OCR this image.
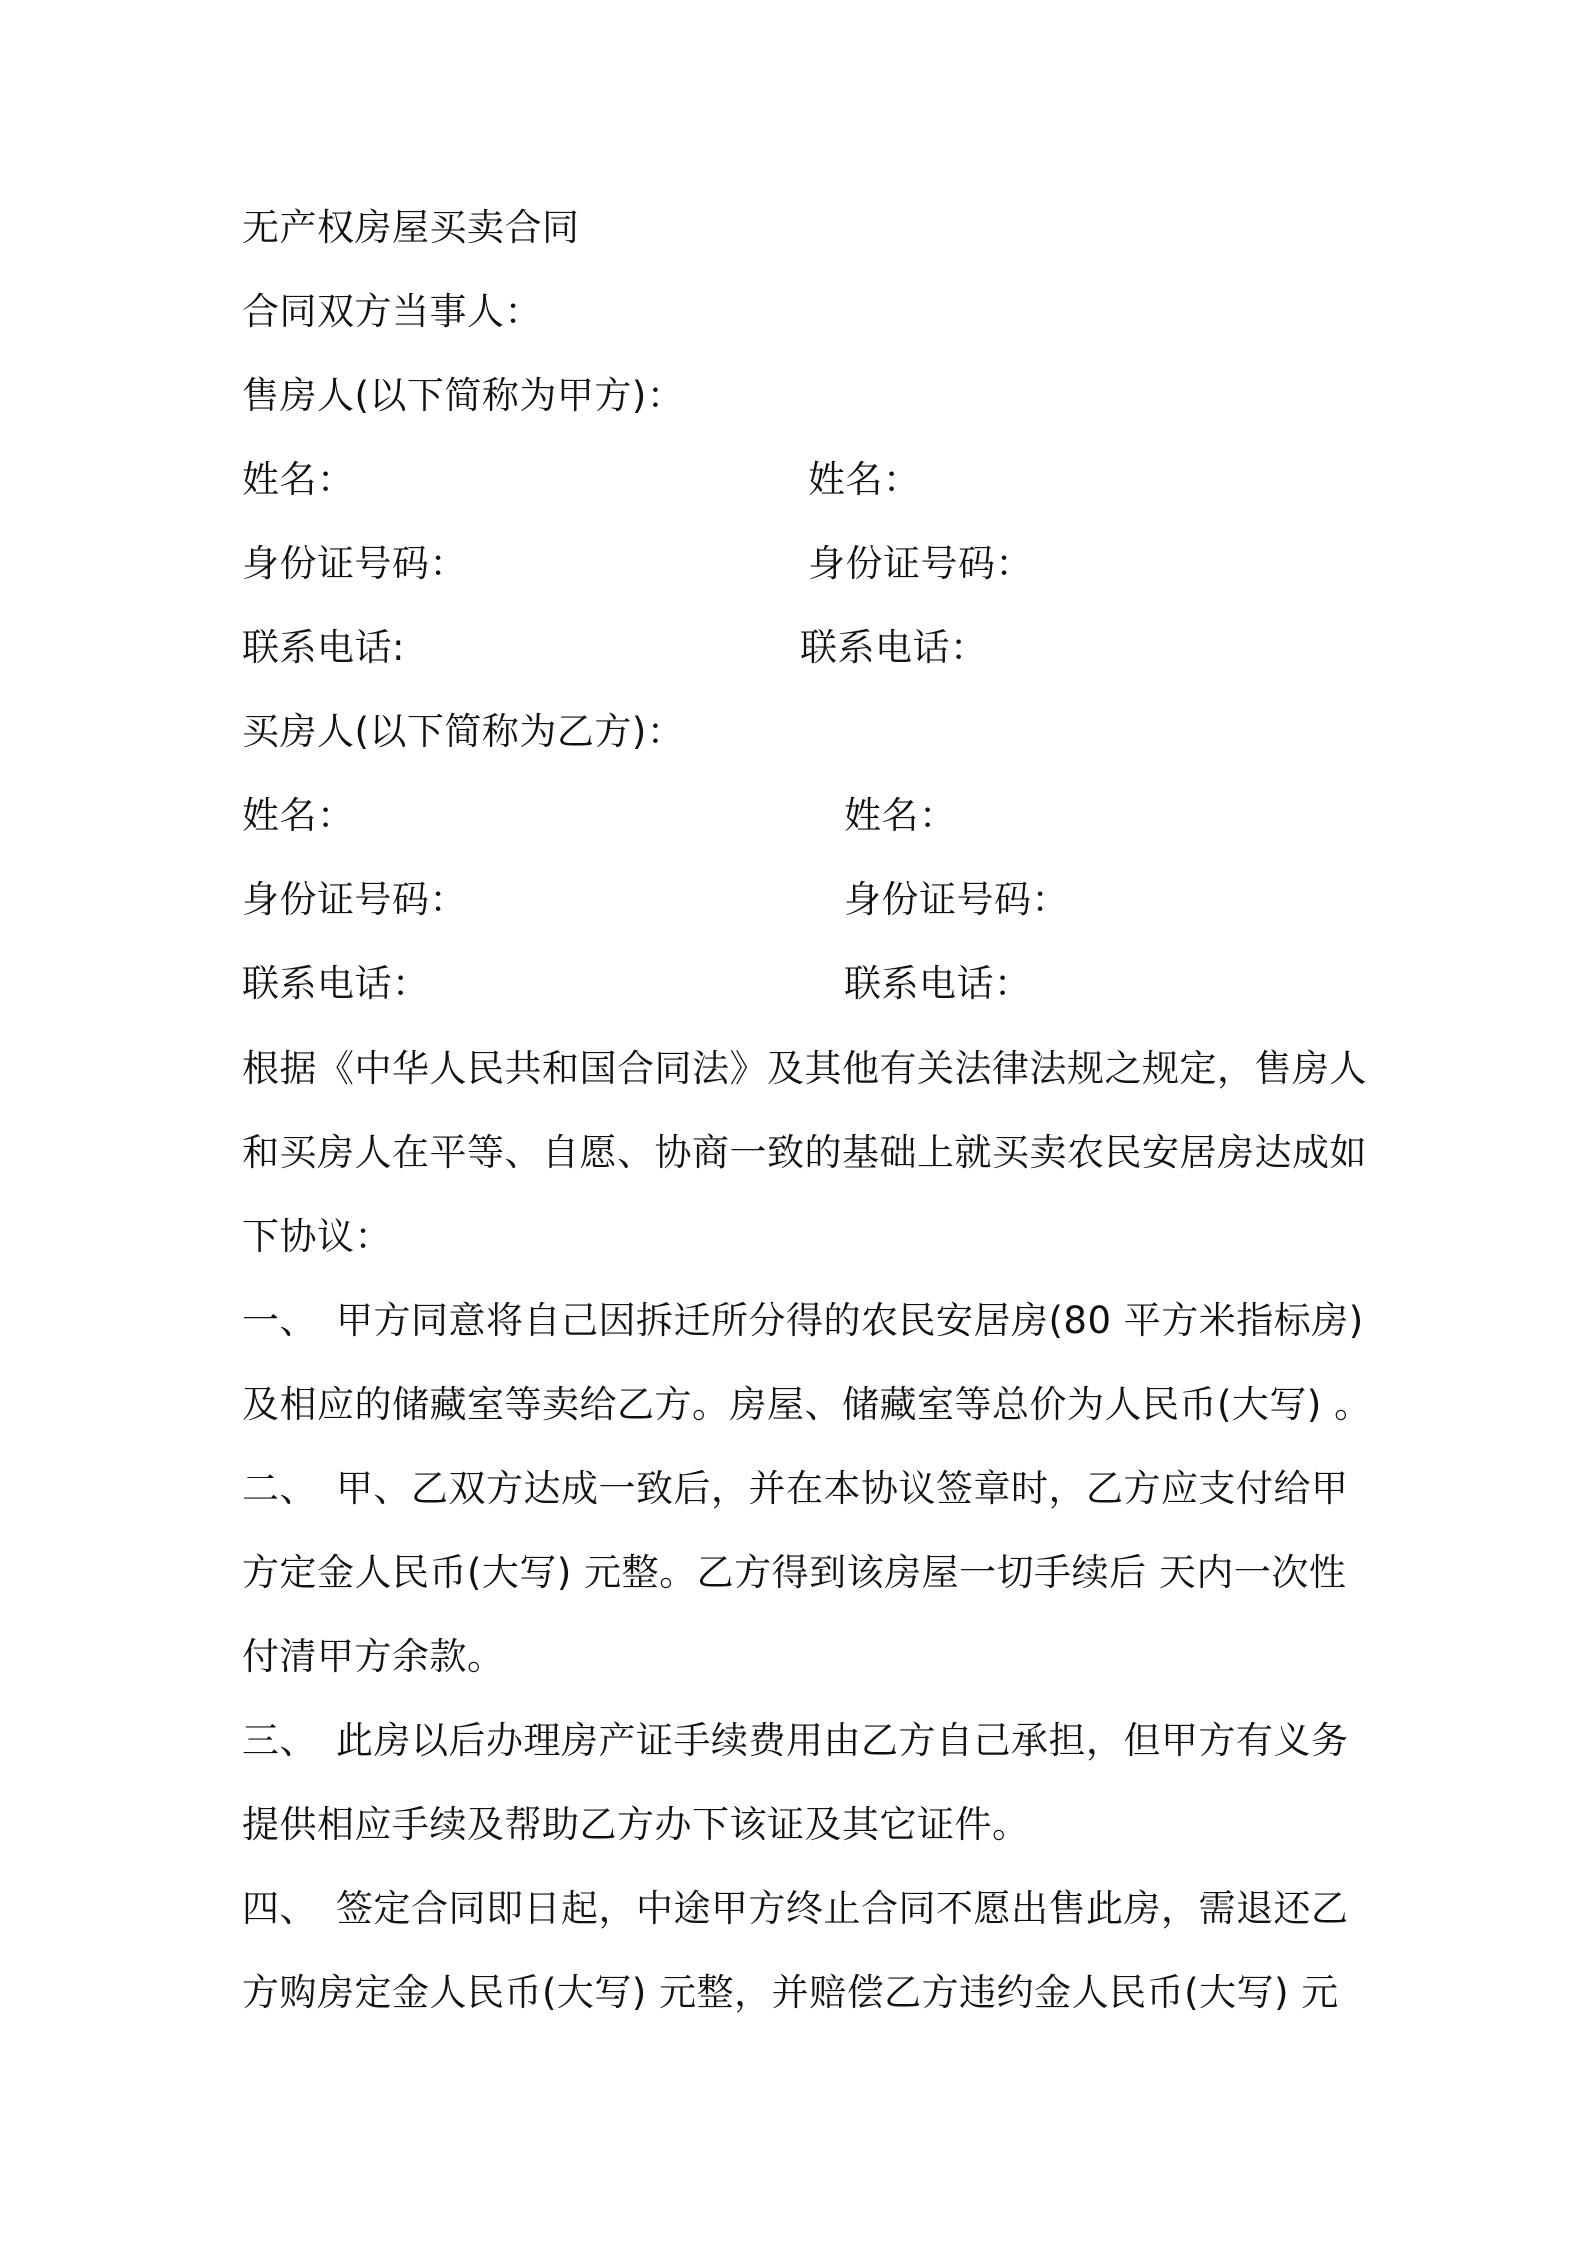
无产权房屋买卖合同
合同双方当事人：
售房人(以下简称为甲方)：
姓名：	姓名：
身份证号码：	身份证号码：
联系电话:	联系电话：
买房人(以下简称为乙方)：
姓名：	姓名：
身份证号码：	身份证号码：
联系电话：	联系电话：
根据《中华人民共和国合同法》及其他有关法律法规之规定，售房人
和买房人在平等、自愿、协商一致的基础上就买卖农民安居房达成如
下协议：
一、 甲方同意将自己因拆迁所分得的农民安居房(80 平方米指标房)
及相应的储藏室等卖给乙方。房屋、储藏室等总价为人民币(大写) 。
二、 甲、乙双方达成一致后，并在本协议签章时，乙方应支付给甲
方定金人民币(大写) 元整。乙方得到该房屋一切手续后 天内一次性
付清甲方余款。
三、 此房以后办理房产证手续费用由乙方自己承担，但甲方有义务
提供相应手续及帮助乙方办下该证及其它证件。
四、 签定合同即日起，中途甲方终止合同不愿出售此房，需退还乙
方购房定金人民币(大写) 元整，并赔偿乙方违约金人民币(大写) 元
